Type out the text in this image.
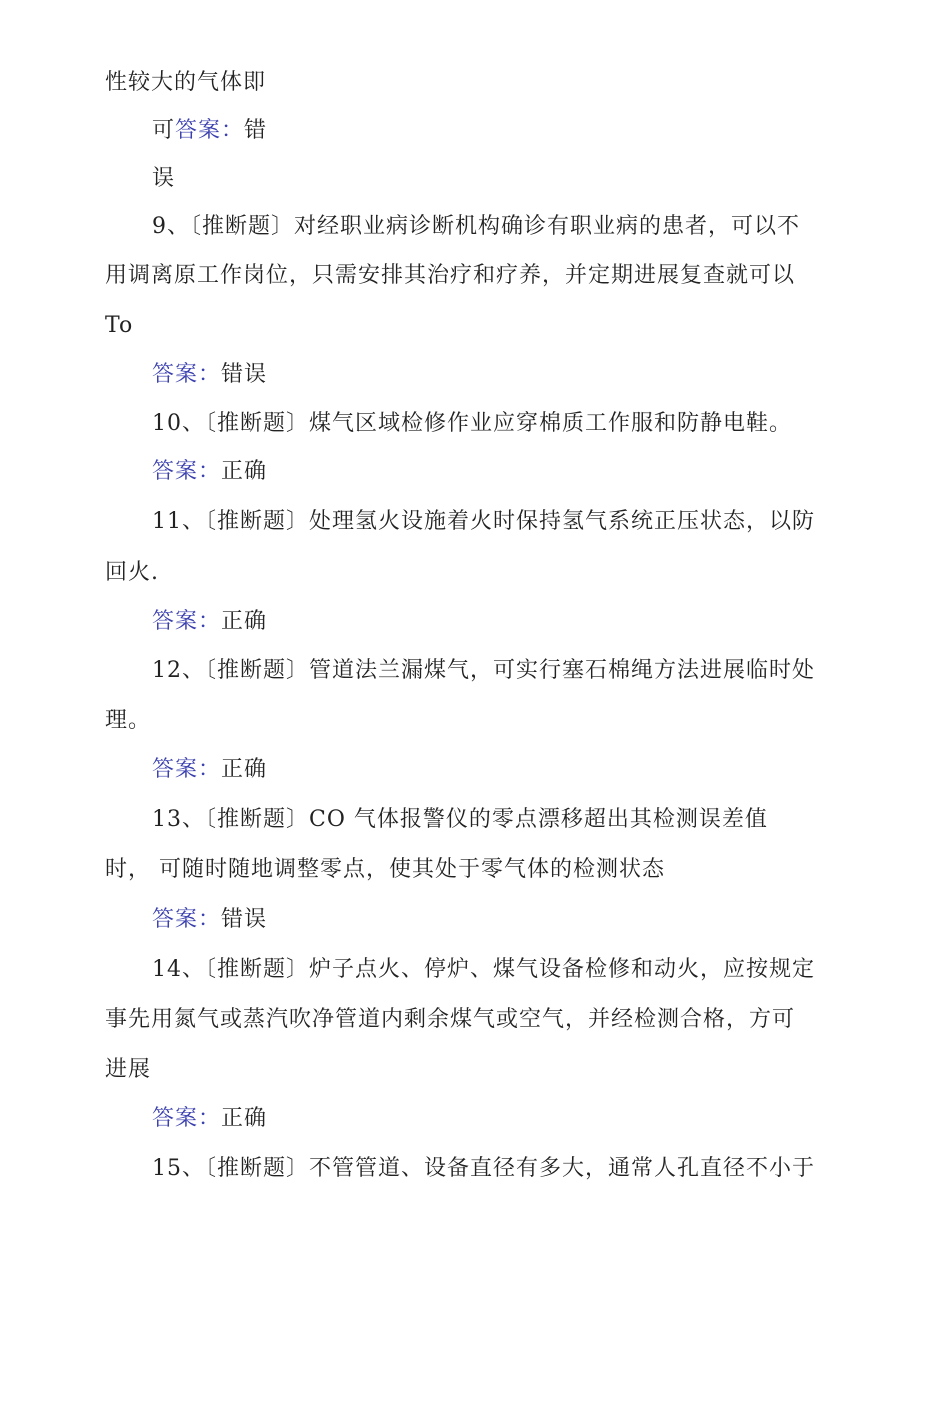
性较大的气体即
可答案：错
误
9、〔推断题〕对经职业病诊断机构确诊有职业病的患者，可以不
用调离原工作岗位，只需安排其治疗和疗养，并定期进展复查就可以
To
答案：错误
10、〔推断题〕煤气区域检修作业应穿棉质工作服和防静电鞋。
答案：正确
11、〔推断题〕处理氢火设施着火时保持氢气系统正压状态，以防
回火.
答案：正确
12、〔推断题〕管道法兰漏煤气，可实行塞石棉绳方法进展临时处
理。
答案：正确
13、〔推断题〕CO 气体报警仪的零点漂移超出其检测误差值
时， 可随时随地调整零点，使其处于零气体的检测状态
答案：错误
14、〔推断题〕炉子点火、停炉、煤气设备检修和动火，应按规定
事先用氮气或蒸汽吹净管道内剩余煤气或空气，并经检测合格，方可
进展
答案：正确
15、〔推断题〕不管管道、设备直径有多大，通常人孔直径不小于
